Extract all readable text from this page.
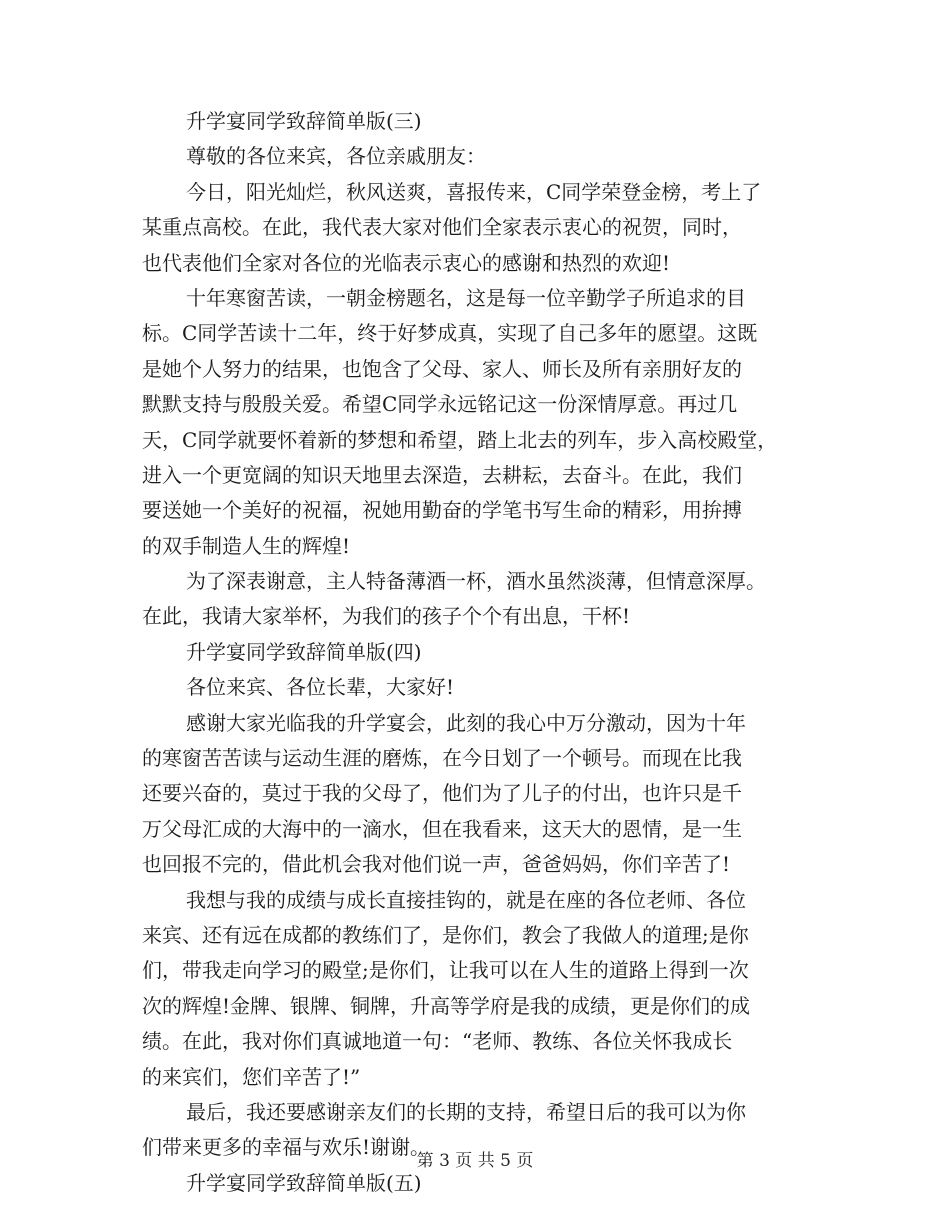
升学宴同学致辞简单版(三)
尊敬的各位来宾，各位亲戚朋友：
今日，阳光灿烂，秋风送爽，喜报传来，C同学荣登金榜，考上了
某重点高校。在此，我代表大家对他们全家表示衷心的祝贺，同时，
也代表他们全家对各位的光临表示衷心的感谢和热烈的欢迎!
十年寒窗苦读，一朝金榜题名，这是每一位辛勤学子所追求的目
标。C同学苦读十二年，终于好梦成真，实现了自己多年的愿望。这既
是她个人努力的结果，也饱含了父母、家人、师长及所有亲朋好友的
默默支持与殷殷关爱。希望C同学永远铭记这一份深情厚意。再过几
天，C同学就要怀着新的梦想和希望，踏上北去的列车，步入高校殿堂，
进入一个更宽阔的知识天地里去深造，去耕耘，去奋斗。在此，我们
要送她一个美好的祝福，祝她用勤奋的学笔书写生命的精彩，用拚搏
的双手制造人生的辉煌!
为了深表谢意，主人特备薄酒一杯，酒水虽然淡薄，但情意深厚。
在此，我请大家举杯，为我们的孩子个个有出息，干杯!
升学宴同学致辞简单版(四)
各位来宾、各位长辈，大家好!
感谢大家光临我的升学宴会，此刻的我心中万分激动，因为十年
的寒窗苦苦读与运动生涯的磨炼，在今日划了一个顿号。而现在比我
还要兴奋的，莫过于我的父母了，他们为了儿子的付出，也许只是千
万父母汇成的大海中的一滴水，但在我看来，这天大的恩情，是一生
也回报不完的，借此机会我对他们说一声，爸爸妈妈，你们辛苦了!
我想与我的成绩与成长直接挂钩的，就是在座的各位老师、各位
来宾、还有远在成都的教练们了，是你们，教会了我做人的道理;是你
们，带我走向学习的殿堂;是你们，让我可以在人生的道路上得到一次
次的辉煌!金牌、银牌、铜牌，升高等学府是我的成绩，更是你们的成
绩。在此，我对你们真诚地道一句：“老师、教练、各位关怀我成长
的来宾们，您们辛苦了!”
最后，我还要感谢亲友们的长期的支持，希望日后的我可以为你
们带来更多的幸福与欢乐!谢谢。
升学宴同学致辞简单版(五)
第 3 页 共 5 页
